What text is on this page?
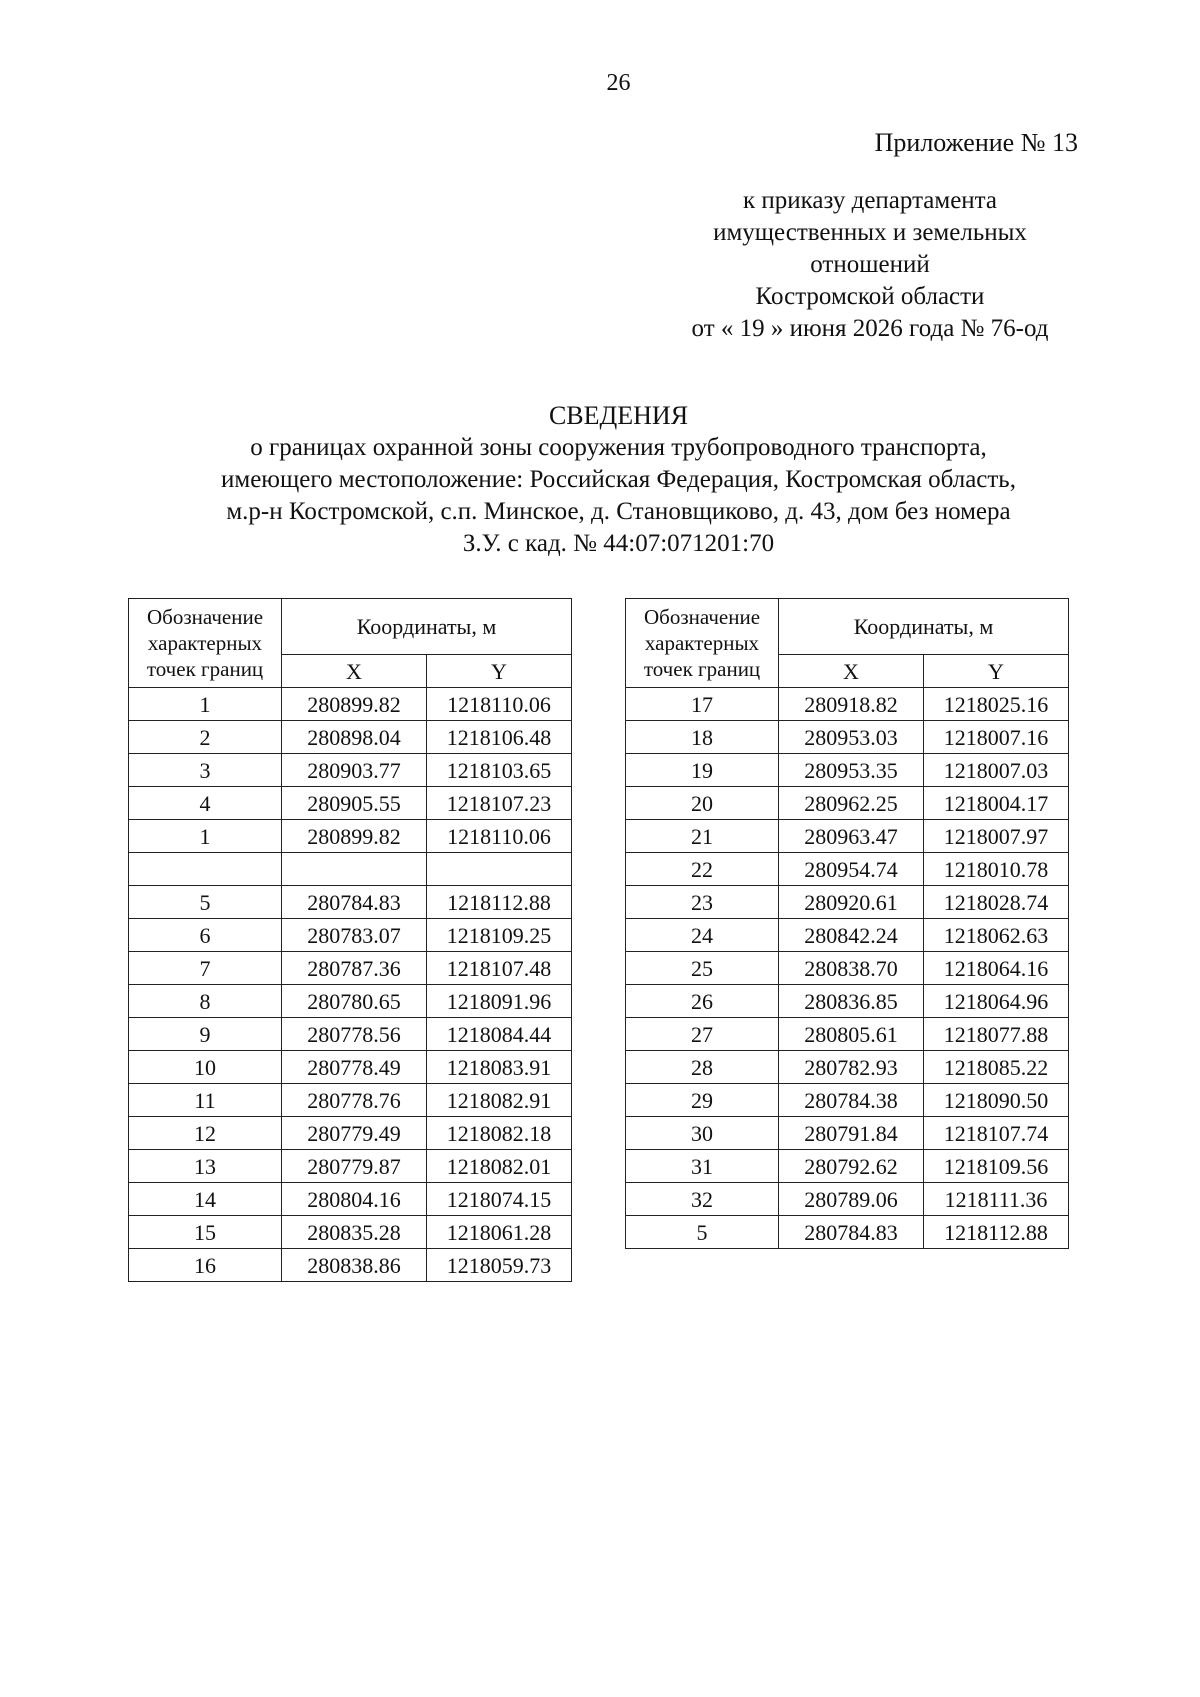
26
Приложение № 13
к приказу департамента
имущественных и земельных
отношений
Костромской области
от « 19 » июня 2026 года № 76-од
СВЕДЕНИЯ
о границах охранной зоны сооружения трубопроводного транспорта,
имеющего местоположение: Российская Федерация, Костромская область,
м.р-н Костромской, с.п. Минское, д. Становщиково, д. 43, дом без номера
З.У. с кад. № 44:07:071201:70
Обозначение
характерных
точек границ	Координаты, м	
	X	Y
1	280899.82	1218110.06
2	280898.04	1218106.48
3	280903.77	1218103.65
4	280905.55	1218107.23
1	280899.82	1218110.06

5	280784.83	1218112.88
6	280783.07	1218109.25
7	280787.36	1218107.48
8	280780.65	1218091.96
9	280778.56	1218084.44
10	280778.49	1218083.91
11	280778.76	1218082.91
12	280779.49	1218082.18
13	280779.87	1218082.01
14	280804.16	1218074.15
15	280835.28	1218061.28
16	280838.86	1218059.73
Обозначение
характерных
точек границ	Координаты, м	
	X	Y
17	280918.82	1218025.16
18	280953.03	1218007.16
19	280953.35	1218007.03
20	280962.25	1218004.17
21	280963.47	1218007.97
22	280954.74	1218010.78
23	280920.61	1218028.74
24	280842.24	1218062.63
25	280838.70	1218064.16
26	280836.85	1218064.96
27	280805.61	1218077.88
28	280782.93	1218085.22
29	280784.38	1218090.50
30	280791.84	1218107.74
31	280792.62	1218109.56
32	280789.06	1218111.36
5	280784.83	1218112.88
